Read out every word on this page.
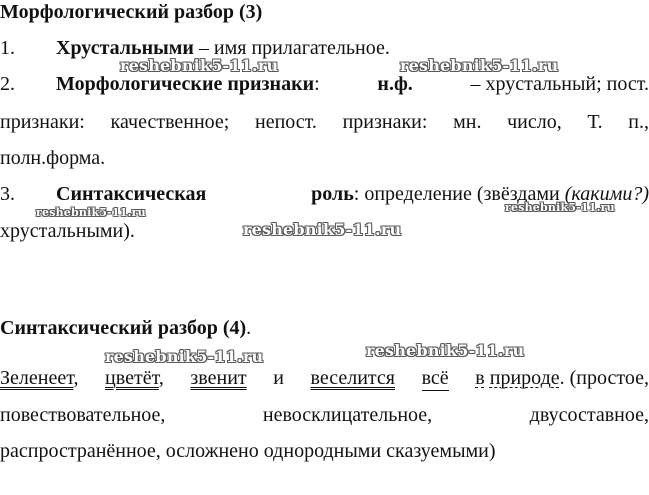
Морфологический разбор (3)
1. Хрустальными – имя прилагательное.
reshebnik5-11.ru	reshebnik5-11.ru
2. Морфологические признаки:	н.ф.	– хрустальный; пост.
признаки: качественное; непост. признаки: мн. число, Т. п.,
полн.форма.
3. Синтаксическая	роль: определение (звёздами (какими?)
reshebnik5-11.ru	reshebnik5-11.ru
хрустальными).	reshebnik5-11.ru
Синтаксический разбор (4).
reshebnik5-11.ru	reshebnik5-11.ru
Зеленеет, цветёт, звенит и веселится всё в природе. (простое,
повествовательное, невосклицательное, двусоставное,
распространённое, осложнено однородными сказуемыми)
